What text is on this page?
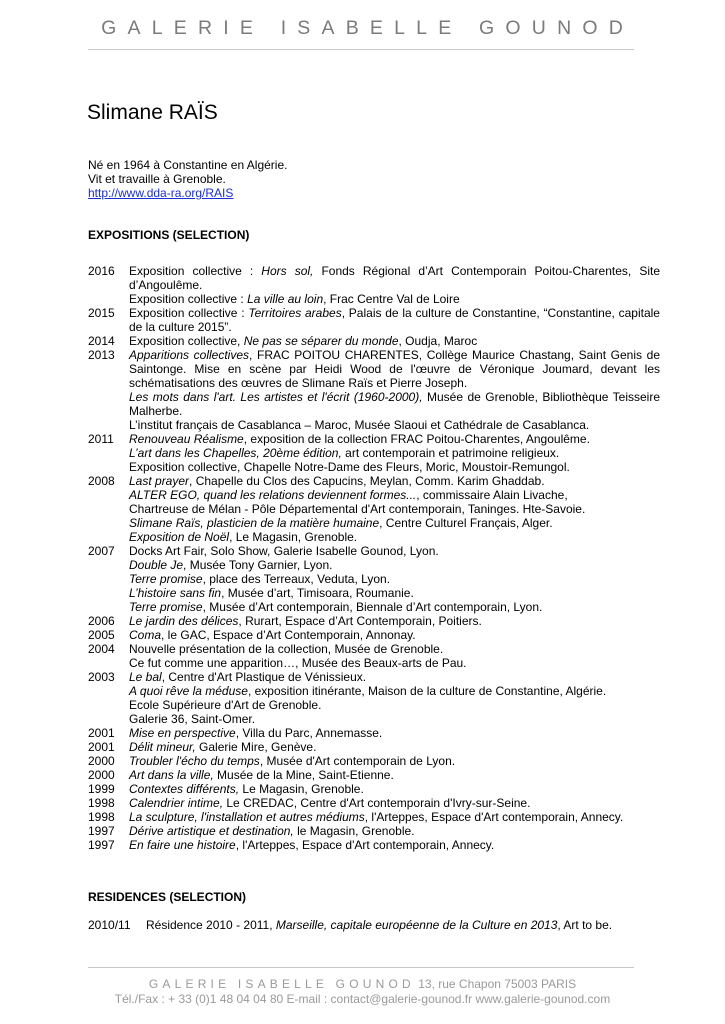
GALERIE ISABELLE GOUNOD
Slimane RAÏS
Né en 1964 à Constantine en Algérie.
Vit et travaille à Grenoble.
http://www.dda-ra.org/RAIS
EXPOSITIONS (SELECTION)
2016	Exposition collective : Hors sol, Fonds Régional d’Art Contemporain Poitou-Charentes, Site d’Angoulême.
Exposition collective : La ville au loin, Frac Centre Val de Loire
2015	Exposition collective : Territoires arabes, Palais de la culture de Constantine, “Constantine, capitale de la culture 2015”.
2014	Exposition collective, Ne pas se séparer du monde, Oudja, Maroc
2013	Apparitions collectives, FRAC POITOU CHARENTES, Collège Maurice Chastang, Saint Genis de Saintonge. Mise en scène par Heidi Wood de l'œuvre de Véronique Joumard, devant les schématisations des œuvres de Slimane Raïs et Pierre Joseph.
Les mots dans l'art. Les artistes et l'écrit (1960-2000), Musée de Grenoble, Bibliothèque Teisseire Malherbe.
L’institut français de Casablanca – Maroc, Musée Slaoui et Cathédrale de Casablanca.
2011	Renouveau Réalisme, exposition de la collection FRAC Poitou-Charentes, Angoulême.
L’art dans les Chapelles, 20ème édition, art contemporain et patrimoine religieux.
Exposition collective, Chapelle Notre-Dame des Fleurs, Moric, Moustoir-Remungol.
2008	Last prayer, Chapelle du Clos des Capucins, Meylan, Comm. Karim Ghaddab.
ALTER EGO, quand les relations deviennent formes..., commissaire Alain Livache,
Chartreuse de Mélan - Pôle Départemental d'Art contemporain, Taninges. Hte-Savoie.
Slimane Raïs, plasticien de la matière humaine, Centre Culturel Français, Alger.
Exposition de Noël, Le Magasin, Grenoble.
2007	Docks Art Fair, Solo Show, Galerie Isabelle Gounod, Lyon.
Double Je, Musée Tony Garnier, Lyon.
Terre promise, place des Terreaux, Veduta, Lyon.
L’histoire sans fin, Musée d’art, Timisoara, Roumanie.
Terre promise, Musée d’Art contemporain, Biennale d’Art contemporain, Lyon.
2006	Le jardin des délices, Rurart, Espace d’Art Contemporain, Poitiers.
2005	Coma, le GAC, Espace d’Art Contemporain, Annonay.
2004	Nouvelle présentation de la collection, Musée de Grenoble.
Ce fut comme une apparition…, Musée des Beaux-arts de Pau.
2003	Le bal, Centre d'Art Plastique de Vénissieux.
A quoi rêve la méduse, exposition itinérante, Maison de la culture de Constantine, Algérie.
Ecole Supérieure d'Art de Grenoble.
Galerie 36, Saint-Omer.
2001	Mise en perspective, Villa du Parc, Annemasse.
2001	Délit mineur, Galerie Mire, Genève.
2000	Troubler l'écho du temps, Musée d'Art contemporain de Lyon.
2000	Art dans la ville, Musée de la Mine, Saint-Etienne.
1999	Contextes différents, Le Magasin, Grenoble.
1998	Calendrier intime, Le CREDAC, Centre d'Art contemporain d'Ivry-sur-Seine.
1998	La sculpture, l'installation et autres médiums, l'Arteppes, Espace d'Art contemporain, Annecy.
1997	Dérive artistique et destination, le Magasin, Grenoble.
1997	En faire une histoire, l'Arteppes, Espace d'Art contemporain, Annecy.
RESIDENCES (SELECTION)
2010/11	Résidence 2010 - 2011, Marseille, capitale européenne de la Culture en 2013, Art to be.
GALERIE ISABELLE GOUNOD 13, rue Chapon 75003 PARIS
Tél./Fax : + 33 (0)1 48 04 04 80 E-mail : contact@galerie-gounod.fr www.galerie-gounod.com
